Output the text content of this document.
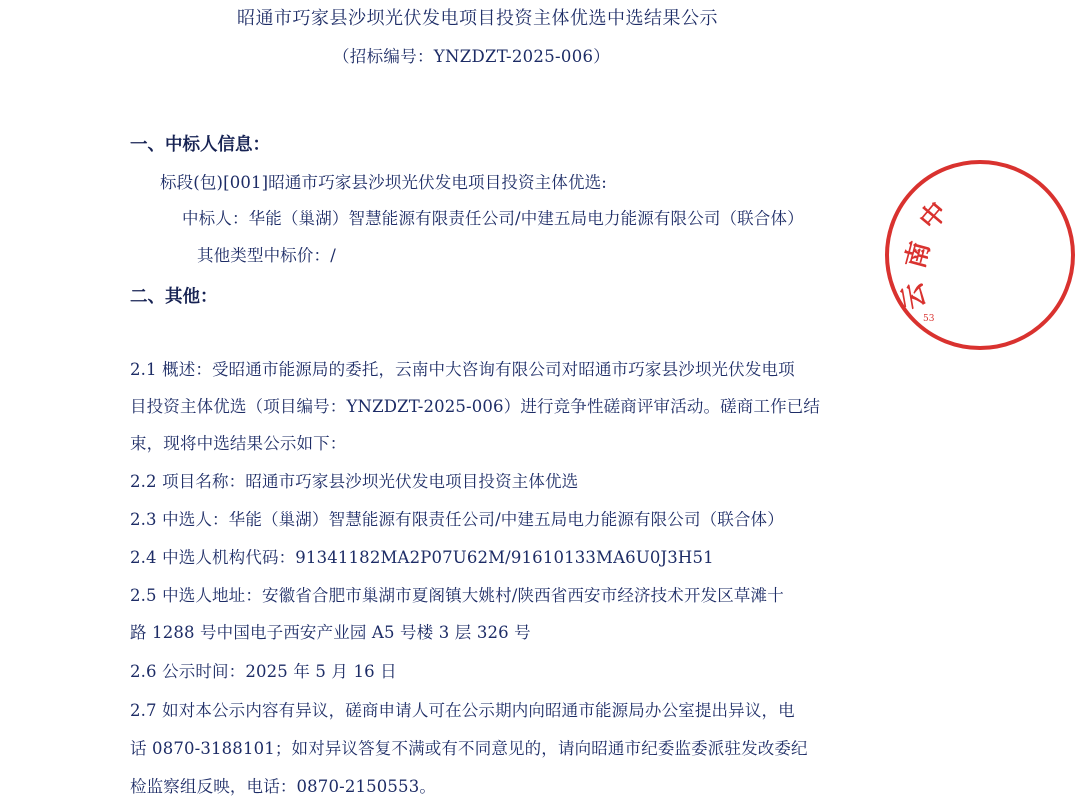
昭通市巧家县沙坝光伏发电项目投资主体优选中选结果公示
（招标编号：YNZDZT-2025-006）
一、中标人信息：
标段(包)[001]昭通市巧家县沙坝光伏发电项目投资主体优选:
中标人：华能（巢湖）智慧能源有限责任公司/中建五局电力能源有限公司（联合体）
其他类型中标价：/
二、其他：
2.1 概述：受昭通市能源局的委托，云南中大咨询有限公司对昭通市巧家县沙坝光伏发电项
目投资主体优选（项目编号：YNZDZT-2025-006）进行竞争性磋商评审活动。磋商工作已结
束，现将中选结果公示如下：
2.2 项目名称：昭通市巧家县沙坝光伏发电项目投资主体优选
2.3 中选人：华能（巢湖）智慧能源有限责任公司/中建五局电力能源有限公司（联合体）
2.4 中选人机构代码：91341182MA2P07U62M/91610133MA6U0J3H51
2.5 中选人地址：安徽省合肥市巢湖市夏阁镇大姚村/陕西省西安市经济技术开发区草滩十
路 1288 号中国电子西安产业园 A5 号楼 3 层 326 号
2.6 公示时间：2025 年 5 月 16 日
2.7 如对本公示内容有异议，磋商申请人可在公示期内向昭通市能源局办公室提出异议，电
话 0870-3188101；如对异议答复不满或有不同意见的，请向昭通市纪委监委派驻发改委纪
检监察组反映，电话：0870-2150553。
中
南
云
53
